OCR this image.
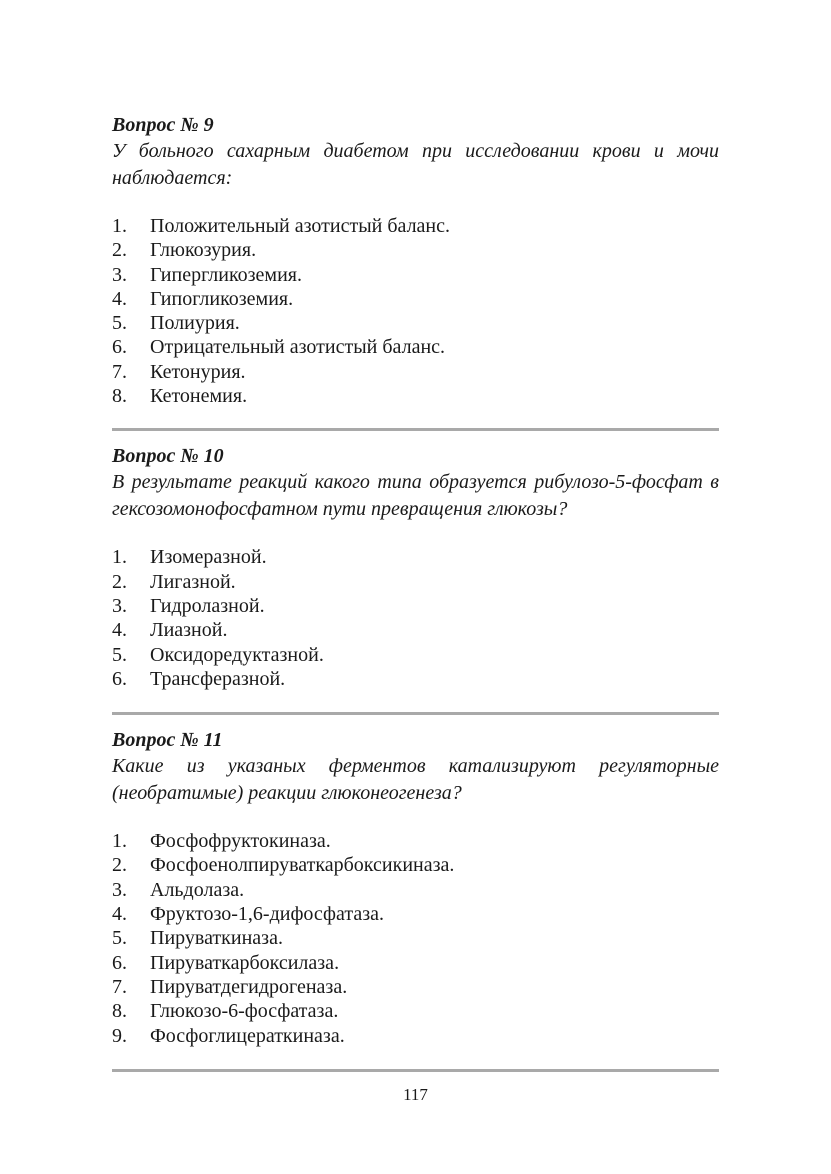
Вопрос № 9

У больного сахарным диабетом при исследовании крови и мочи наблюдается:

1.	Положительный азотистый баланс.
2.	Глюкозурия.
3.	Гипергликоземия.
4.	Гипогликоземия.
5.	Полиурия.
6.	Отрицательный азотистый баланс.
7.	Кетонурия.
8.	Кетонемия.

Вопрос № 10

В результате реакций какого типа образуется рибулозо-5-фосфат в гексозомонофосфатном пути превращения глюкозы?

1.	Изомеразной.
2.	Лигазной.
3.	Гидролазной.
4.	Лиазной.
5.	Оксидоредуктазной.
6.	Трансферазной.

Вопрос № 11

Какие из указаных ферментов катализируют регуляторные (необратимые) реакции глюконеогенеза?

1.	Фосфофруктокиназа.
2.	Фосфоенолпируваткарбоксикиназа.
3.	Альдолаза.
4.	Фруктозо-1,6-дифосфатаза.
5.	Пируваткиназа.
6.	Пируваткарбоксилаза.
7.	Пируватдегидрогеназа.
8.	Глюкозо-6-фосфатаза.
9.	Фосфоглицераткиназа.
117
